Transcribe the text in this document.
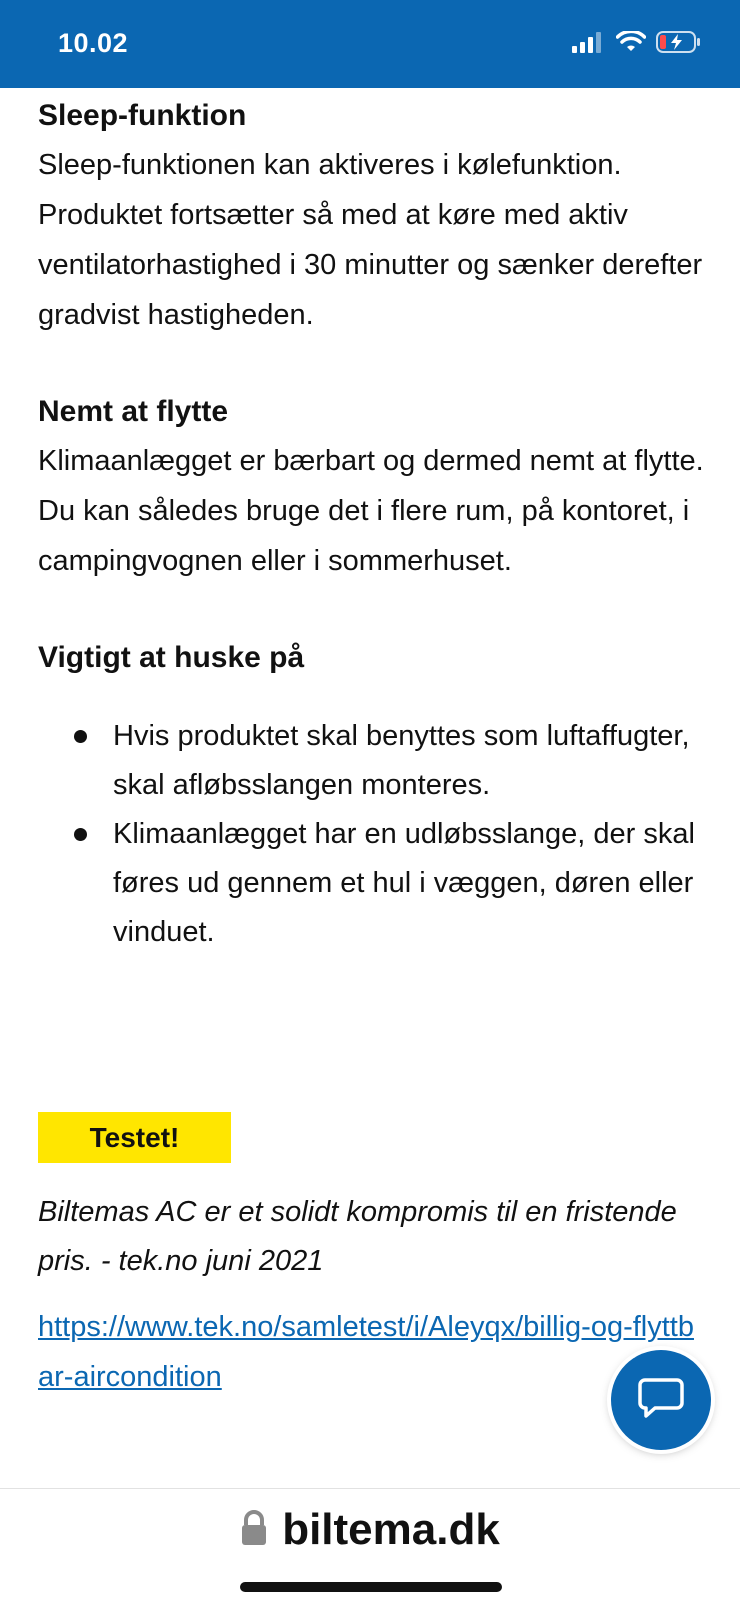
10.02
Sleep-funktion

Sleep-funktionen kan aktiveres i kølefunktion. Produktet fortsætter så med at køre med aktiv ventilatorhastighed i 30 minutter og sænker derefter gradvist hastigheden.

Nemt at flytte

Klimaanlægget er bærbart og dermed nemt at flytte. Du kan således bruge det i flere rum, på kontoret, i campingvognen eller i sommerhuset.

Vigtigt at huske på
Hvis produktet skal benyttes som luftaffugter, skal afløbsslangen monteres.
Klimaanlægget har en udløbsslange, der skal føres ud gennem et hul i væggen, døren eller vinduet.
Testet!

Biltemas AC er et solidt kompromis til en fristende pris. - tek.no juni 2021

https://www.tek.no/samletest/i/Aleyqx/billig-og-flyttbar-aircondition
biltema.dk
